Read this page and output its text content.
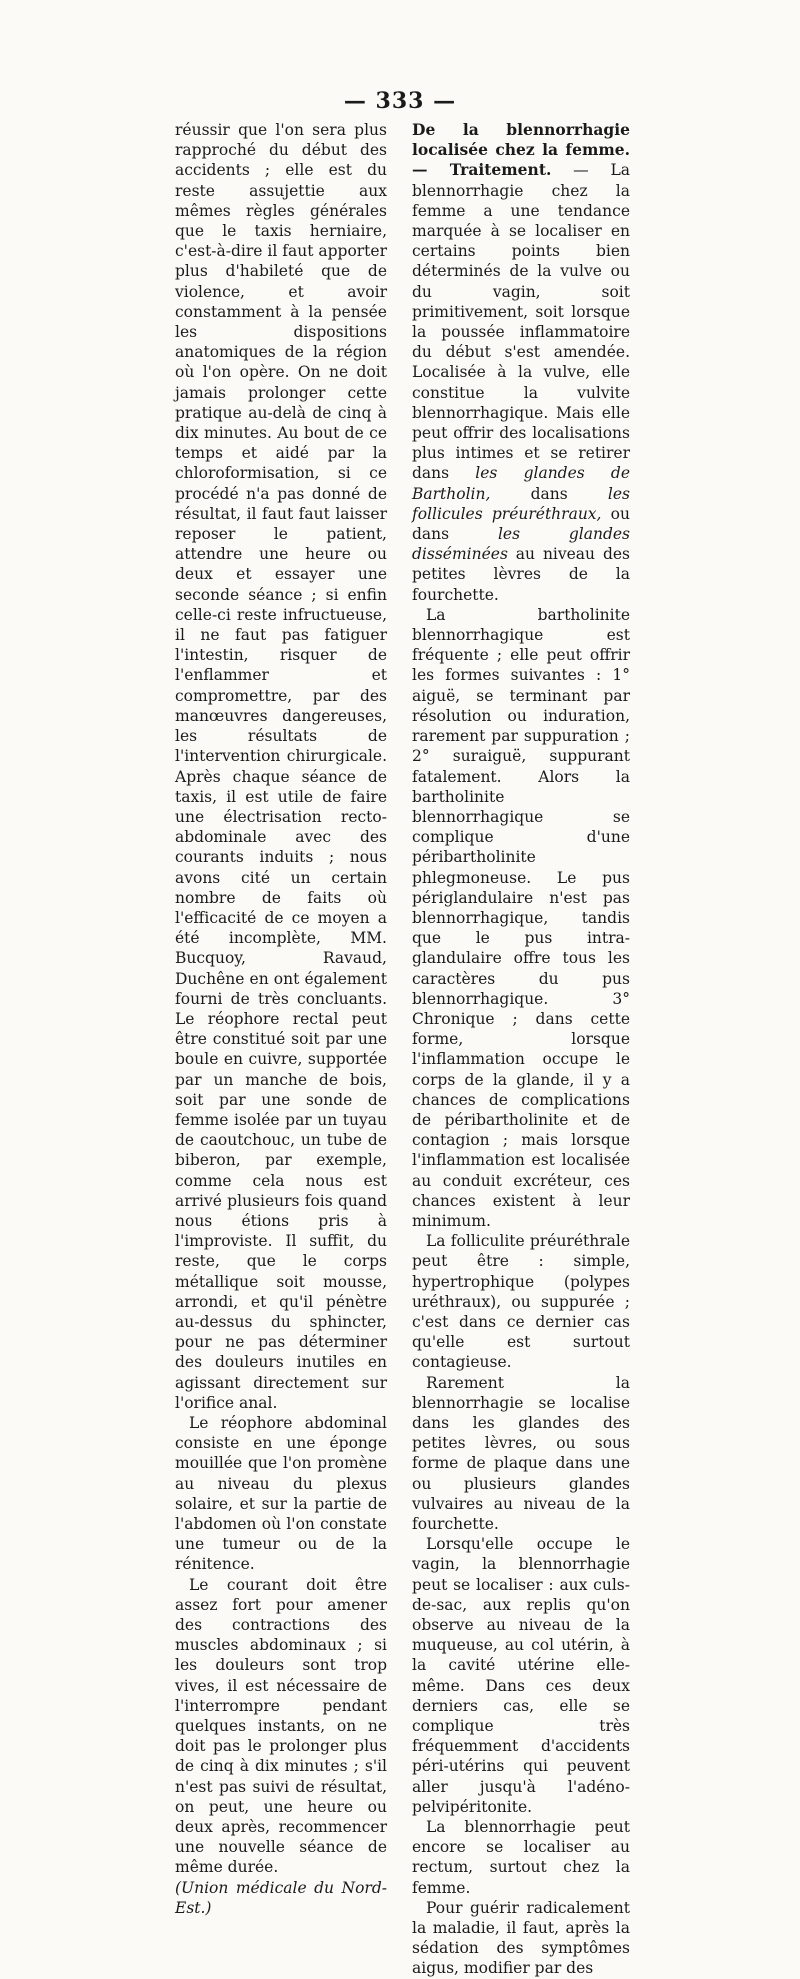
— 333 —

réussir que l'on sera plus rapproché du début des accidents ; elle est du reste assujettie aux mêmes règles générales que le taxis herniaire, c'est-à-dire il faut apporter plus d'habileté que de violence, et avoir constamment à la pensée les dispositions anatomiques de la région où l'on opère. On ne doit jamais prolonger cette pratique au-delà de cinq à dix minutes. Au bout de ce temps et aidé par la chloroformisation, si ce procédé n'a pas donné de résultat, il faut faut laisser reposer le patient, attendre une heure ou deux et essayer une seconde séance ; si enfin celle-ci reste infructueuse, il ne faut pas fatiguer l'intestin, risquer de l'enflammer et compromettre, par des manœuvres dangereuses, les résultats de l'intervention chirurgicale. Après chaque séance de taxis, il est utile de faire une électrisation recto-abdominale avec des courants induits ; nous avons cité un certain nombre de faits où l'efficacité de ce moyen a été incomplète, MM. Bucquoy, Ravaud, Duchêne en ont également fourni de très concluants. Le réophore rectal peut être constitué soit par une boule en cuivre, supportée par un manche de bois, soit par une sonde de femme isolée par un tuyau de caoutchouc, un tube de biberon, par exemple, comme cela nous est arrivé plusieurs fois quand nous étions pris à l'improviste. Il suffit, du reste, que le corps métallique soit mousse, arrondi, et qu'il pénètre au-dessus du sphincter, pour ne pas déterminer des douleurs inutiles en agissant directement sur l'orifice anal.

Le réophore abdominal consiste en une éponge mouillée que l'on promène au niveau du plexus solaire, et sur la partie de l'abdomen où l'on constate une tumeur ou de la rénitence.

Le courant doit être assez fort pour amener des contractions des muscles abdominaux ; si les douleurs sont trop vives, il est nécessaire de l'interrompre pendant quelques instants, on ne doit pas le prolonger plus de cinq à dix minutes ; s'il n'est pas suivi de résultat, on peut, une heure ou deux après, recommencer une nouvelle séance de même durée.

(Union médicale du Nord-Est.)

De la blennorrhagie localisée chez la femme. — Traitement. — La blennorrhagie chez la femme a une tendance marquée à se localiser en certains points bien déterminés de la vulve ou du vagin, soit primitivement, soit lorsque la poussée inflammatoire du début s'est amendée. Localisée à la vulve, elle constitue la vulvite blennorrhagique. Mais elle peut offrir des localisations plus intimes et se retirer dans les glandes de Bartholin, dans les follicules préuréthraux, ou dans les glandes disséminées au niveau des petites lèvres de la fourchette.

La bartholinite blennorrhagique est fréquente ; elle peut offrir les formes suivantes : 1° aiguë, se terminant par résolution ou induration, rarement par suppuration ; 2° suraiguë, suppurant fatalement. Alors la bartholinite blennorrhagique se complique d'une péribartholinite phlegmoneuse. Le pus périglandulaire n'est pas blennorrhagique, tandis que le pus intra-glandulaire offre tous les caractères du pus blennorrhagique. 3° Chronique ; dans cette forme, lorsque l'inflammation occupe le corps de la glande, il y a chances de complications de péribartholinite et de contagion ; mais lorsque l'inflammation est localisée au conduit excréteur, ces chances existent à leur minimum.

La folliculite préuréthrale peut être : simple, hypertrophique (polypes uréthraux), ou suppurée ; c'est dans ce dernier cas qu'elle est surtout contagieuse.

Rarement la blennorrhagie se localise dans les glandes des petites lèvres, ou sous forme de plaque dans une ou plusieurs glandes vulvaires au niveau de la fourchette.

Lorsqu'elle occupe le vagin, la blennorrhagie peut se localiser : aux culs-de-sac, aux replis qu'on observe au niveau de la muqueuse, au col utérin, à la cavité utérine elle-même. Dans ces deux derniers cas, elle se complique très fréquemment d'accidents péri-utérins qui peuvent aller jusqu'à l'adéno-pelvipéritonite.

La blennorrhagie peut encore se localiser au rectum, surtout chez la femme.

Pour guérir radicalement la maladie, il faut, après la sédation des symptômes aigus, modifier par des
